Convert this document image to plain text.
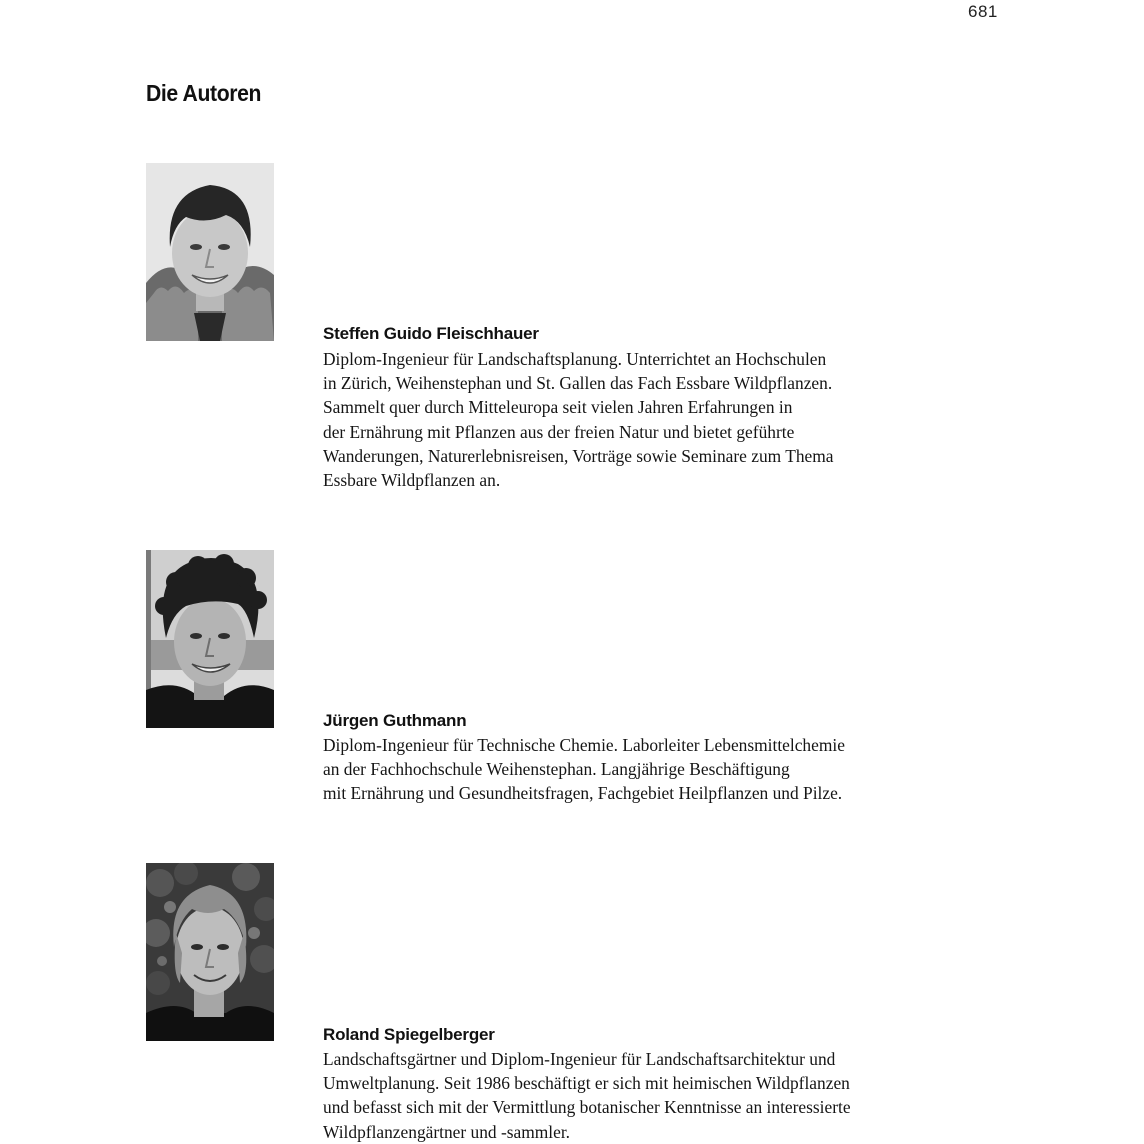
681
Die Autoren
Steffen Guido Fleischhauer
Diplom-Ingenieur für Landschaftsplanung. Unterrichtet an Hochschulen
in Zürich, Weihenstephan und St. Gallen das Fach Essbare Wildpflanzen.
Sammelt quer durch Mitteleuropa seit vielen Jahren Erfahrungen in
der Ernährung mit Pflanzen aus der freien Natur und bietet geführte
Wanderungen, Naturerlebnisreisen, Vorträge sowie Seminare zum Thema
Essbare Wildpflanzen an.
Jürgen Guthmann
Diplom-Ingenieur für Technische Chemie. Laborleiter Lebensmittelchemie
an der Fachhochschule Weihenstephan. Langjährige Beschäftigung
mit Ernährung und Gesundheitsfragen, Fachgebiet Heilpflanzen und Pilze.
Roland Spiegelberger
Landschaftsgärtner und Diplom-Ingenieur für Landschaftsarchitektur und
Umweltplanung. Seit 1986 beschäftigt er sich mit heimischen Wildpflanzen
und befasst sich mit der Vermittlung botanischer Kenntnisse an interessierte
Wildpflanzengärtner und -sammler.
